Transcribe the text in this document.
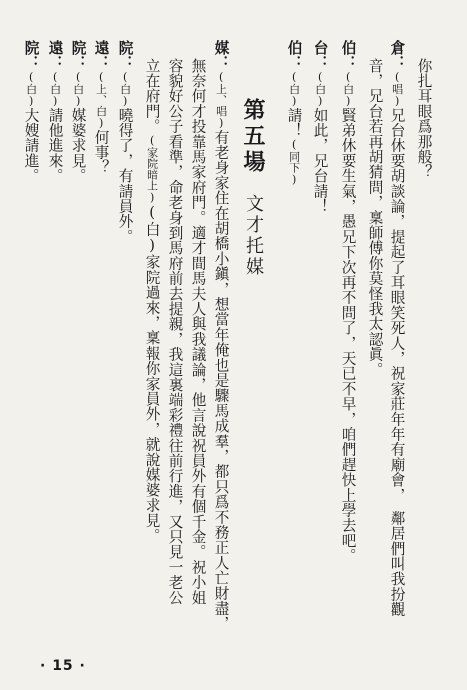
你扎耳眼爲那般？
倉：(唱)兄台休要胡談論，提起了耳眼笑死人，祝家莊年年有廟會，　鄰居們叫我扮觀
音，兄台若再胡猜問，稟師傅你莫怪我太認眞。
伯：(白)賢弟休要生氣，愚兄下次再不問了，天已不早，咱們趕快上學去吧。
台：(白)如此，兄台請！
伯：(白)請！(同下)
第五場文才托媒
媒：(上、唱)有老身家住在胡橋小鎭，想當年俺也是驟馬成羣，都只爲不務正人亡財盡，
無奈何才投靠馬家府門。適才間馬夫人與我議論，他言說祝員外有個千金。祝小姐
容貌好公子看準，命老身到馬府前去提親，我這裏端彩禮往前行進，又只見一老公
立在府門。(家院暗上)(白)家院過來，稟報你家員外，就說媒婆求見。
院：(白)曉得了，有請員外。
遠：(上、白)何事？
院：(白)媒婆求見。
遠：(白)請他進來。
院：(白)大嫂請進。
· 15 ·
